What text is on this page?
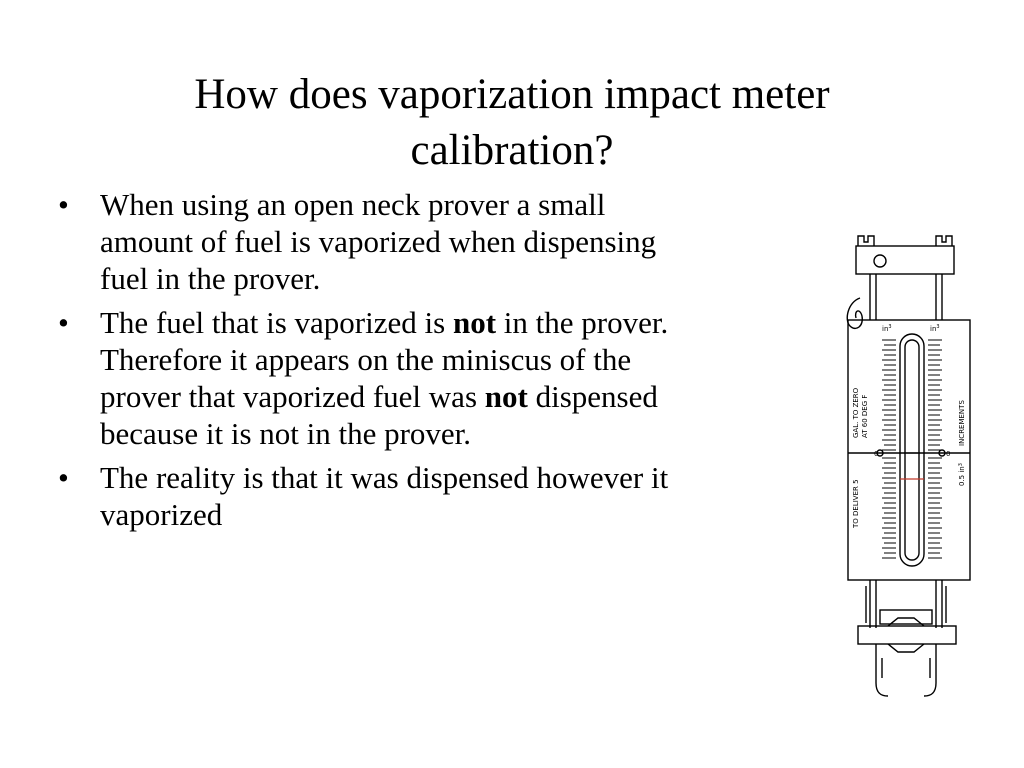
How does vaporization impact meter
calibration?
•	When using an open neck prover a small amount of fuel is vaporized when dispensing fuel in the prover.
•	The fuel that is vaporized is not in the prover. Therefore it appears on the miniscus of the prover that vaporized fuel was not dispensed because it is not in the prover.
•	The reality is that it was dispensed however it vaporized
$in^3$	$in^3$
0	0
TO DELIVER 5
GAL. TO ZERO AT 60 DEG F	INCREMENTS
0.5 $in^3$
